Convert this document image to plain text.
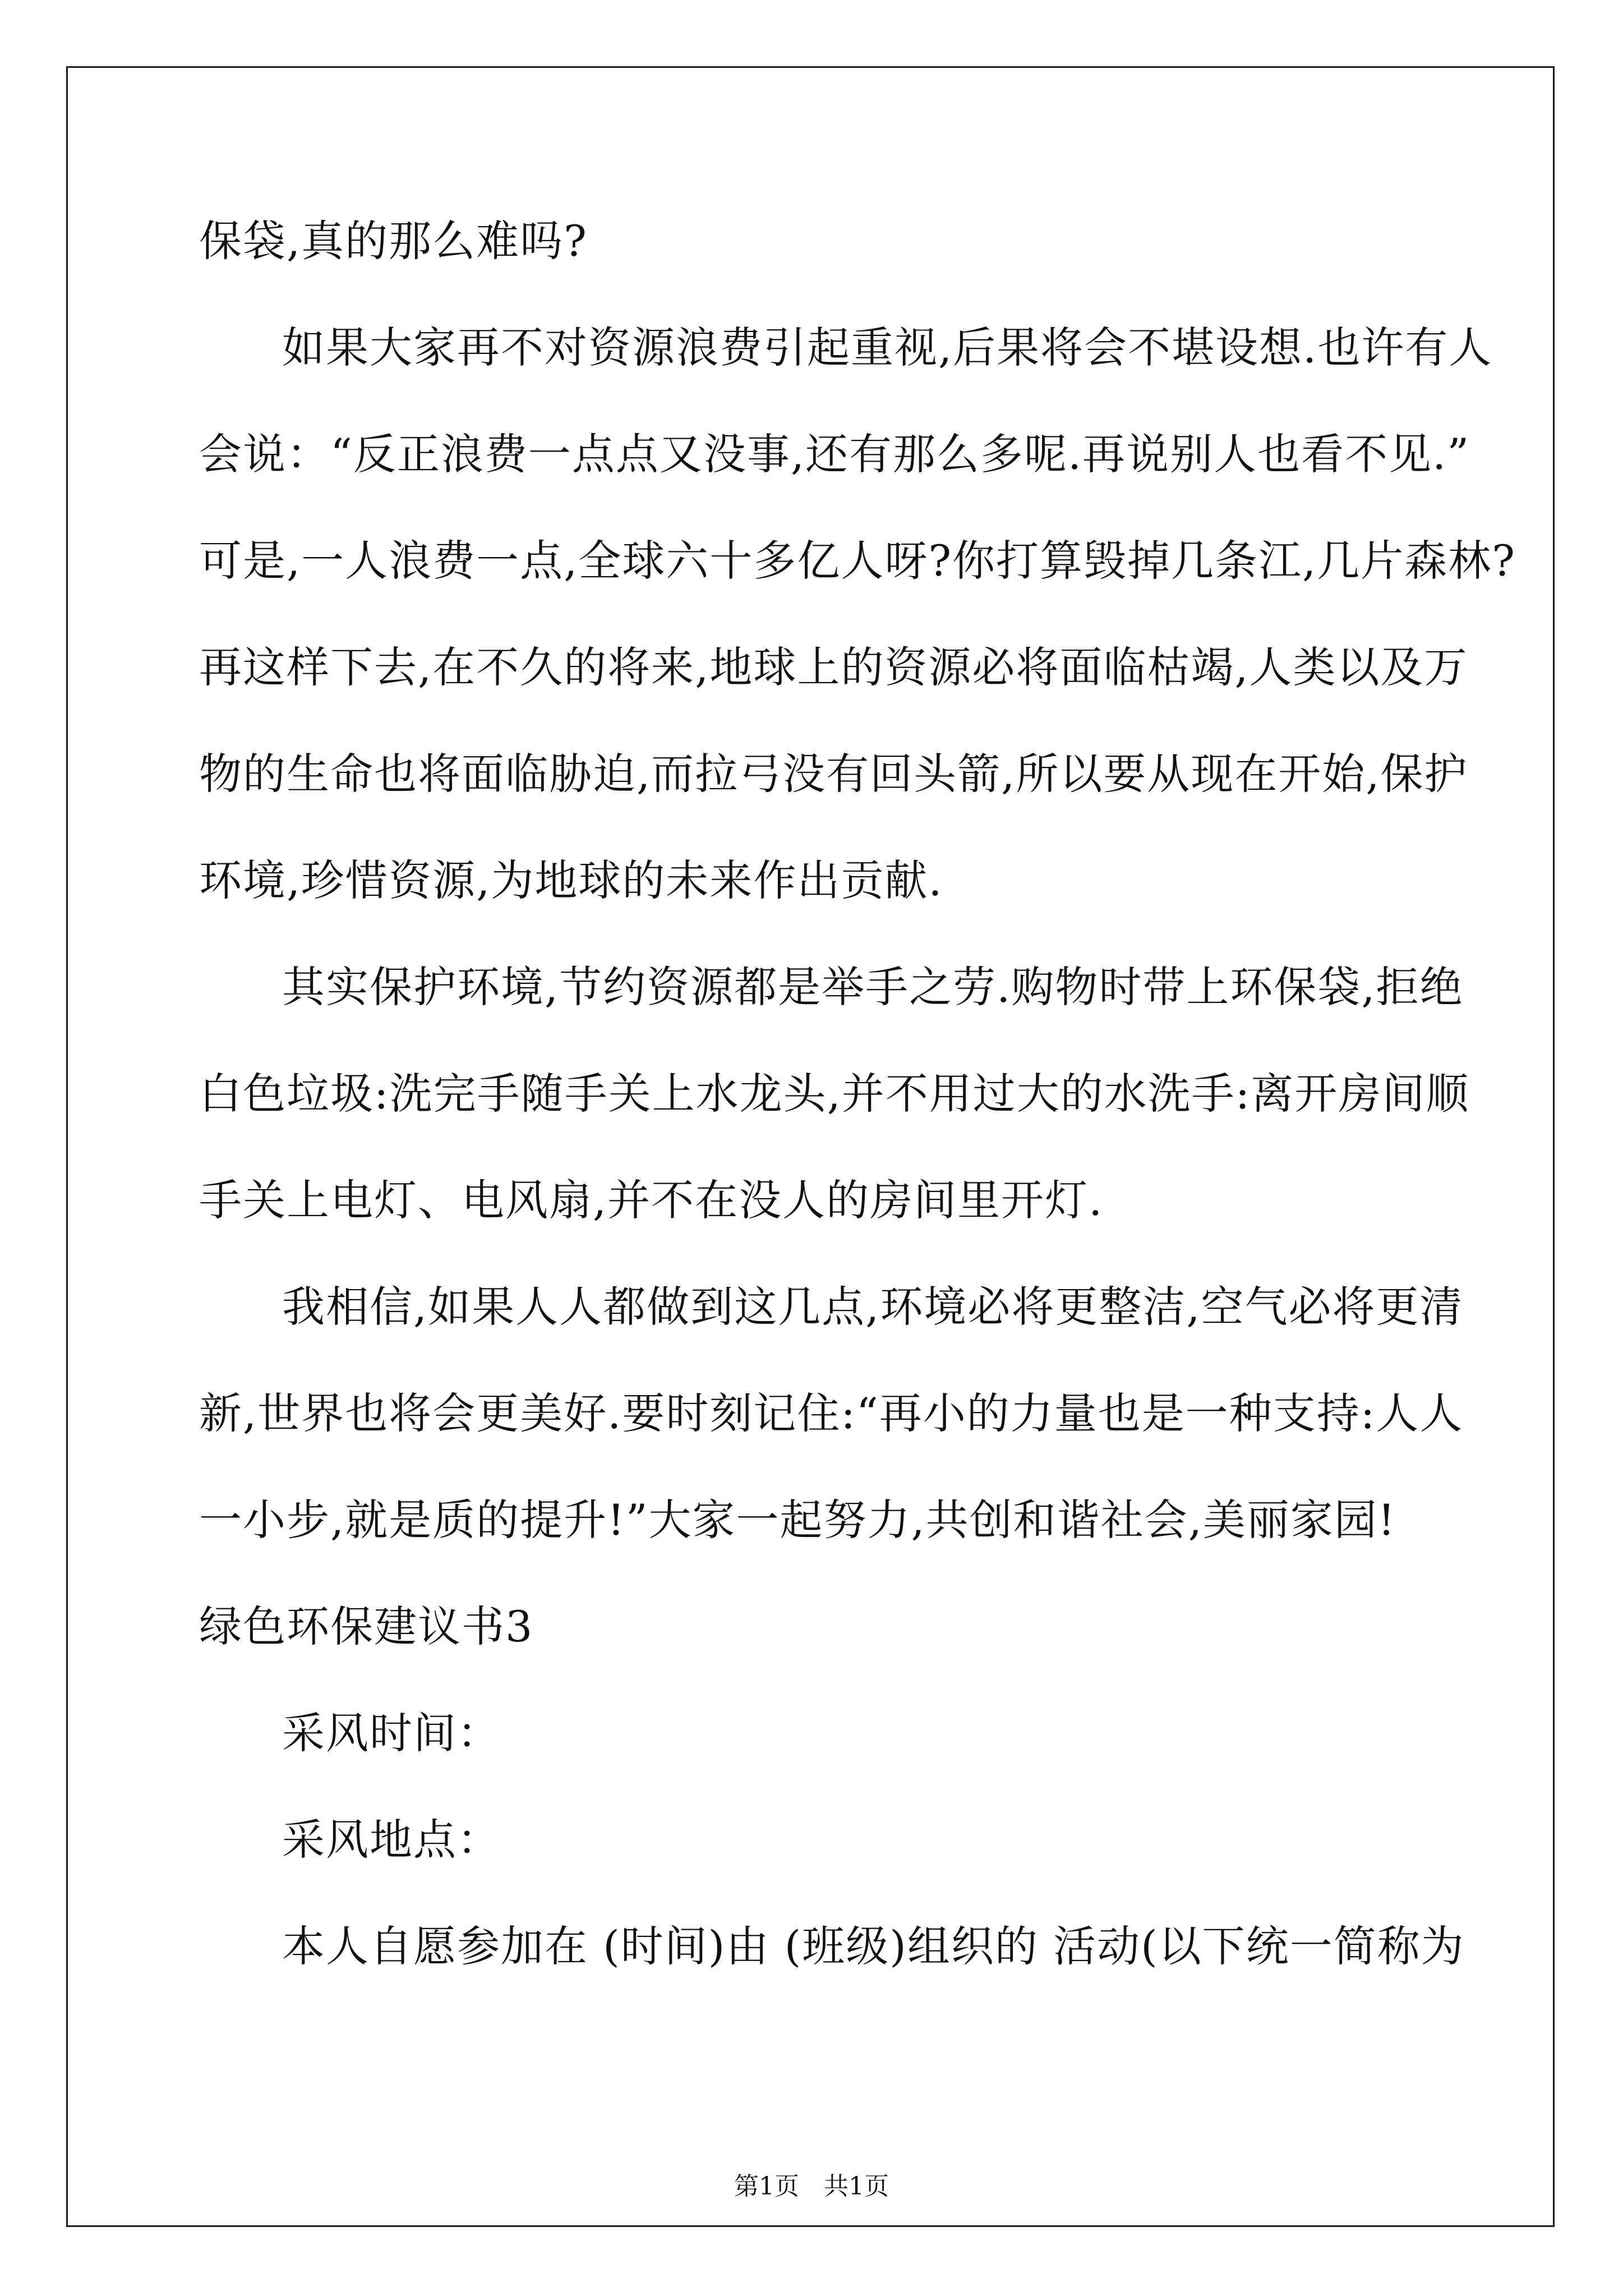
保袋,真的那么难吗?
如果大家再不对资源浪费引起重视,后果将会不堪设想.也许有人
会说：“反正浪费一点点又没事,还有那么多呢.再说别人也看不见.”
可是,一人浪费一点,全球六十多亿人呀?你打算毁掉几条江,几片森林?
再这样下去,在不久的将来,地球上的资源必将面临枯竭,人类以及万
物的生命也将面临胁迫,而拉弓没有回头箭,所以要从现在开始,保护
环境,珍惜资源,为地球的未来作出贡献.
其实保护环境,节约资源都是举手之劳.购物时带上环保袋,拒绝
白色垃圾:洗完手随手关上水龙头,并不用过大的水洗手:离开房间顺
手关上电灯、电风扇,并不在没人的房间里开灯.
我相信,如果人人都做到这几点,环境必将更整洁,空气必将更清
新,世界也将会更美好.要时刻记住:“再小的力量也是一种支持:人人
一小步,就是质的提升!”大家一起努力,共创和谐社会,美丽家园!
绿色环保建议书3
采风时间：
采风地点：
本人自愿参加在 (时间)由 (班级)组织的 活动(以下统一简称为
第1页　共1页
